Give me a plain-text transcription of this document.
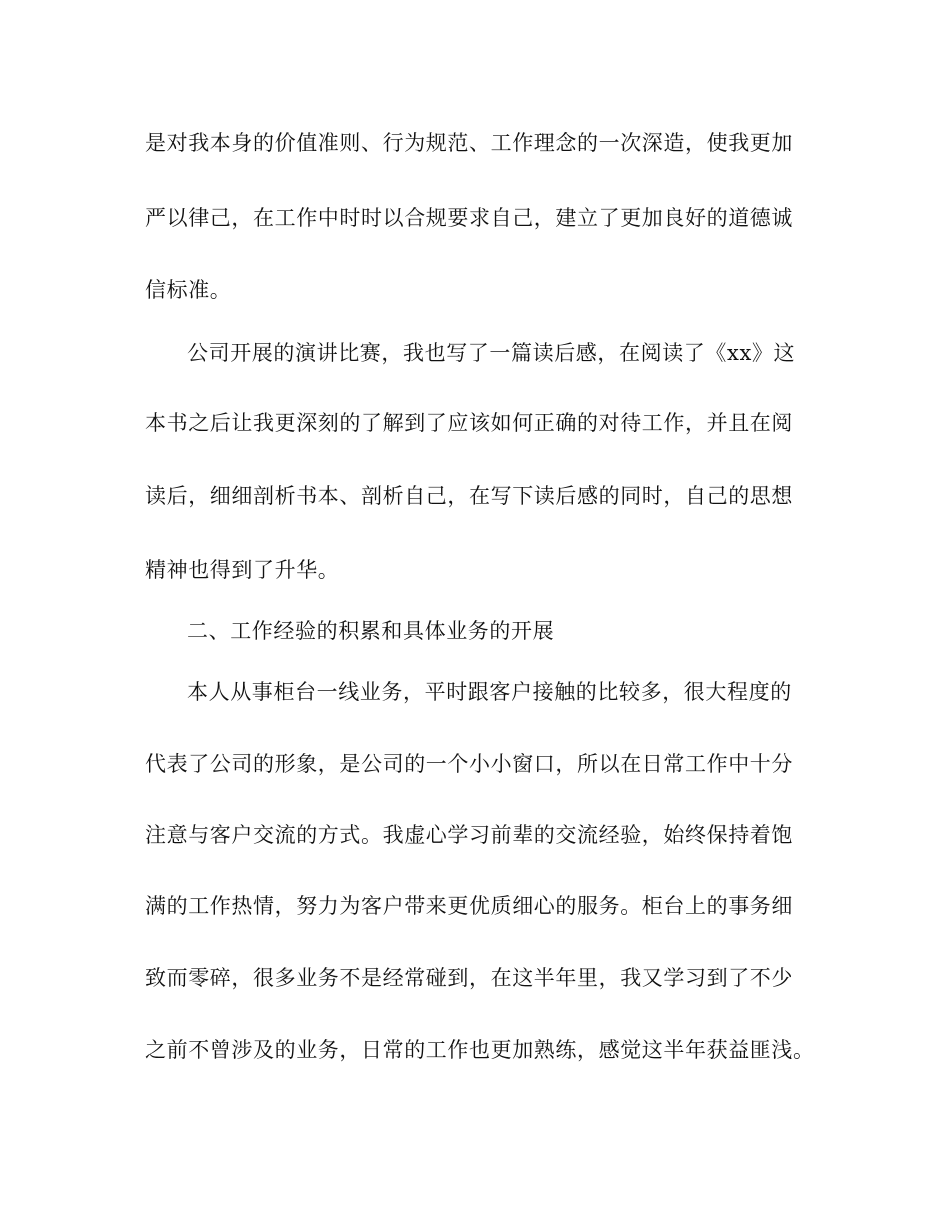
是对我本身的价值准则、行为规范、工作理念的一次深造，使我更加
严以律己，在工作中时时以合规要求自己，建立了更加良好的道德诚
信标准。
公司开展的演讲比赛，我也写了一篇读后感，在阅读了《xx》这
本书之后让我更深刻的了解到了应该如何正确的对待工作，并且在阅
读后，细细剖析书本、剖析自己，在写下读后感的同时，自己的思想
精神也得到了升华。
二、工作经验的积累和具体业务的开展
本人从事柜台一线业务，平时跟客户接触的比较多，很大程度的
代表了公司的形象，是公司的一个小小窗口，所以在日常工作中十分
注意与客户交流的方式。我虚心学习前辈的交流经验，始终保持着饱
满的工作热情，努力为客户带来更优质细心的服务。柜台上的事务细
致而零碎，很多业务不是经常碰到，在这半年里，我又学习到了不少
之前不曾涉及的业务，日常的工作也更加熟练，感觉这半年获益匪浅。
